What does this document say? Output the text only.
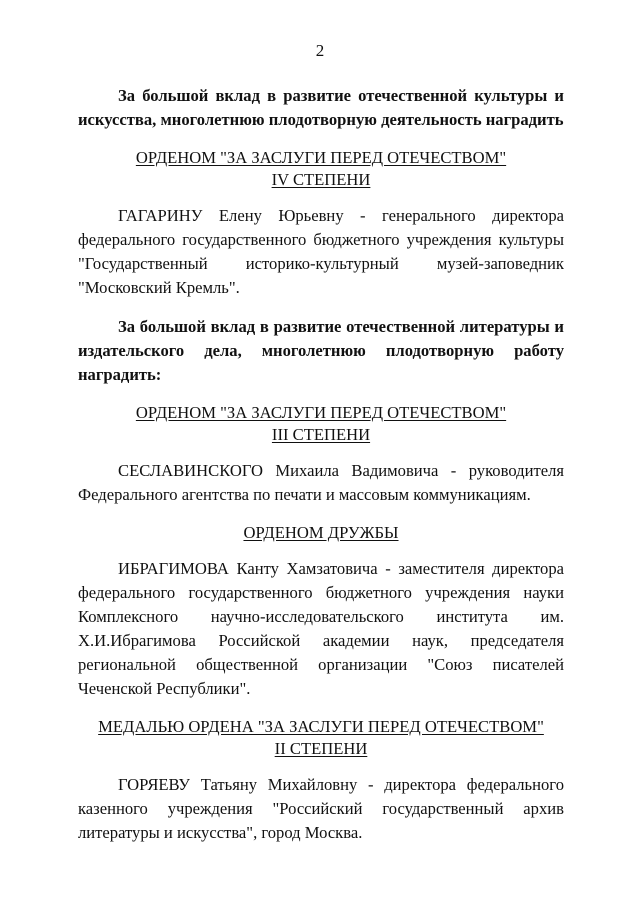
2

За большой вклад в развитие отечественной культуры и искусства, многолетнюю плодотворную деятельность наградить

ОРДЕНОМ "ЗА ЗАСЛУГИ ПЕРЕД ОТЕЧЕСТВОМ"

IV СТЕПЕНИ

ГАГАРИНУ Елену Юрьевну - генерального директора федерального государственного бюджетного учреждения культуры "Государственный историко-культурный музей-заповедник "Московский Кремль".

За большой вклад в развитие отечественной литературы и издательского дела, многолетнюю плодотворную работу наградить:

ОРДЕНОМ "ЗА ЗАСЛУГИ ПЕРЕД ОТЕЧЕСТВОМ"

III СТЕПЕНИ

СЕСЛАВИНСКОГО Михаила Вадимовича - руководителя Федерального агентства по печати и массовым коммуникациям.

ОРДЕНОМ ДРУЖБЫ

ИБРАГИМОВА Канту Хамзатовича - заместителя директора федерального государственного бюджетного учреждения науки Комплексного научно-исследовательского института им. Х.И.Ибрагимова Российской академии наук, председателя региональной общественной организации "Союз писателей Чеченской Республики".

МЕДАЛЬЮ ОРДЕНА "ЗА ЗАСЛУГИ ПЕРЕД ОТЕЧЕСТВОМ"

II СТЕПЕНИ

ГОРЯЕВУ Татьяну Михайловну - директора федерального казенного учреждения "Российский государственный архив литературы и искусства", город Москва.
